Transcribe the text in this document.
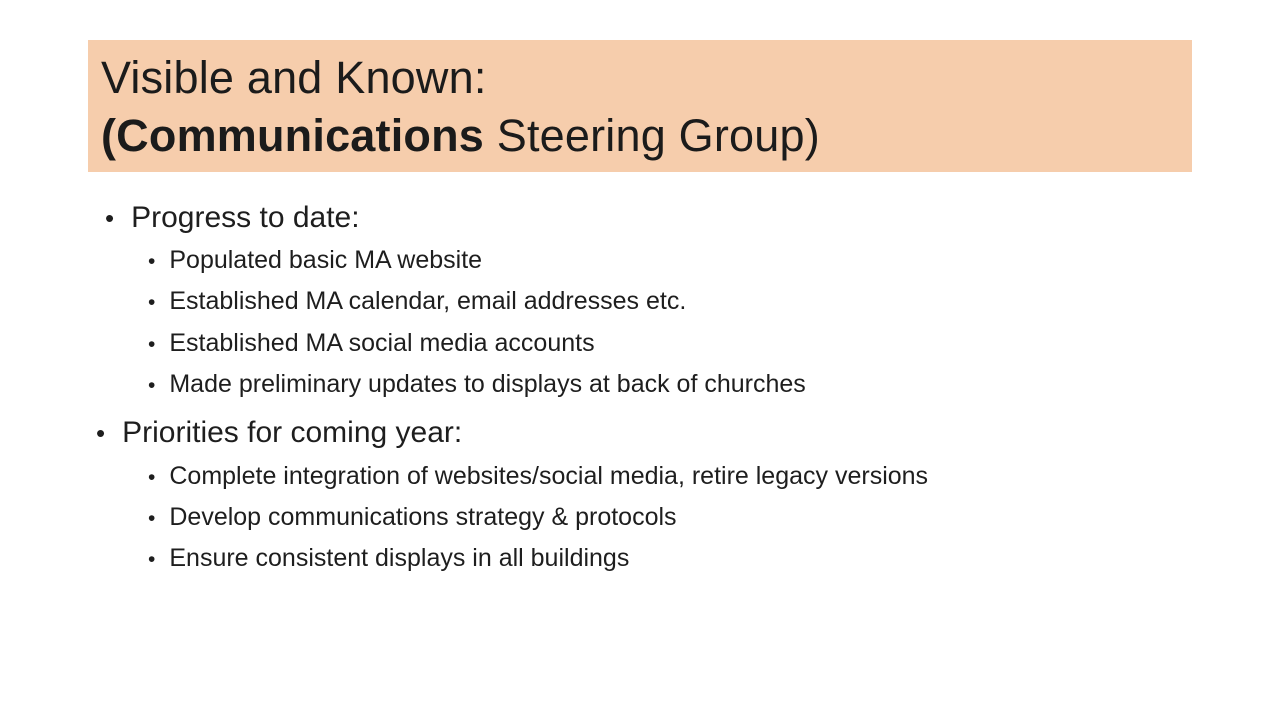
Visible and Known:
(Communications Steering Group)
• Progress to date:
• Populated basic MA website
• Established MA calendar, email addresses etc.
• Established MA social media accounts
• Made preliminary updates to displays at back of churches
• Priorities for coming year:
• Complete integration of websites/social media, retire legacy versions
• Develop communications strategy & protocols
• Ensure consistent displays in all buildings
